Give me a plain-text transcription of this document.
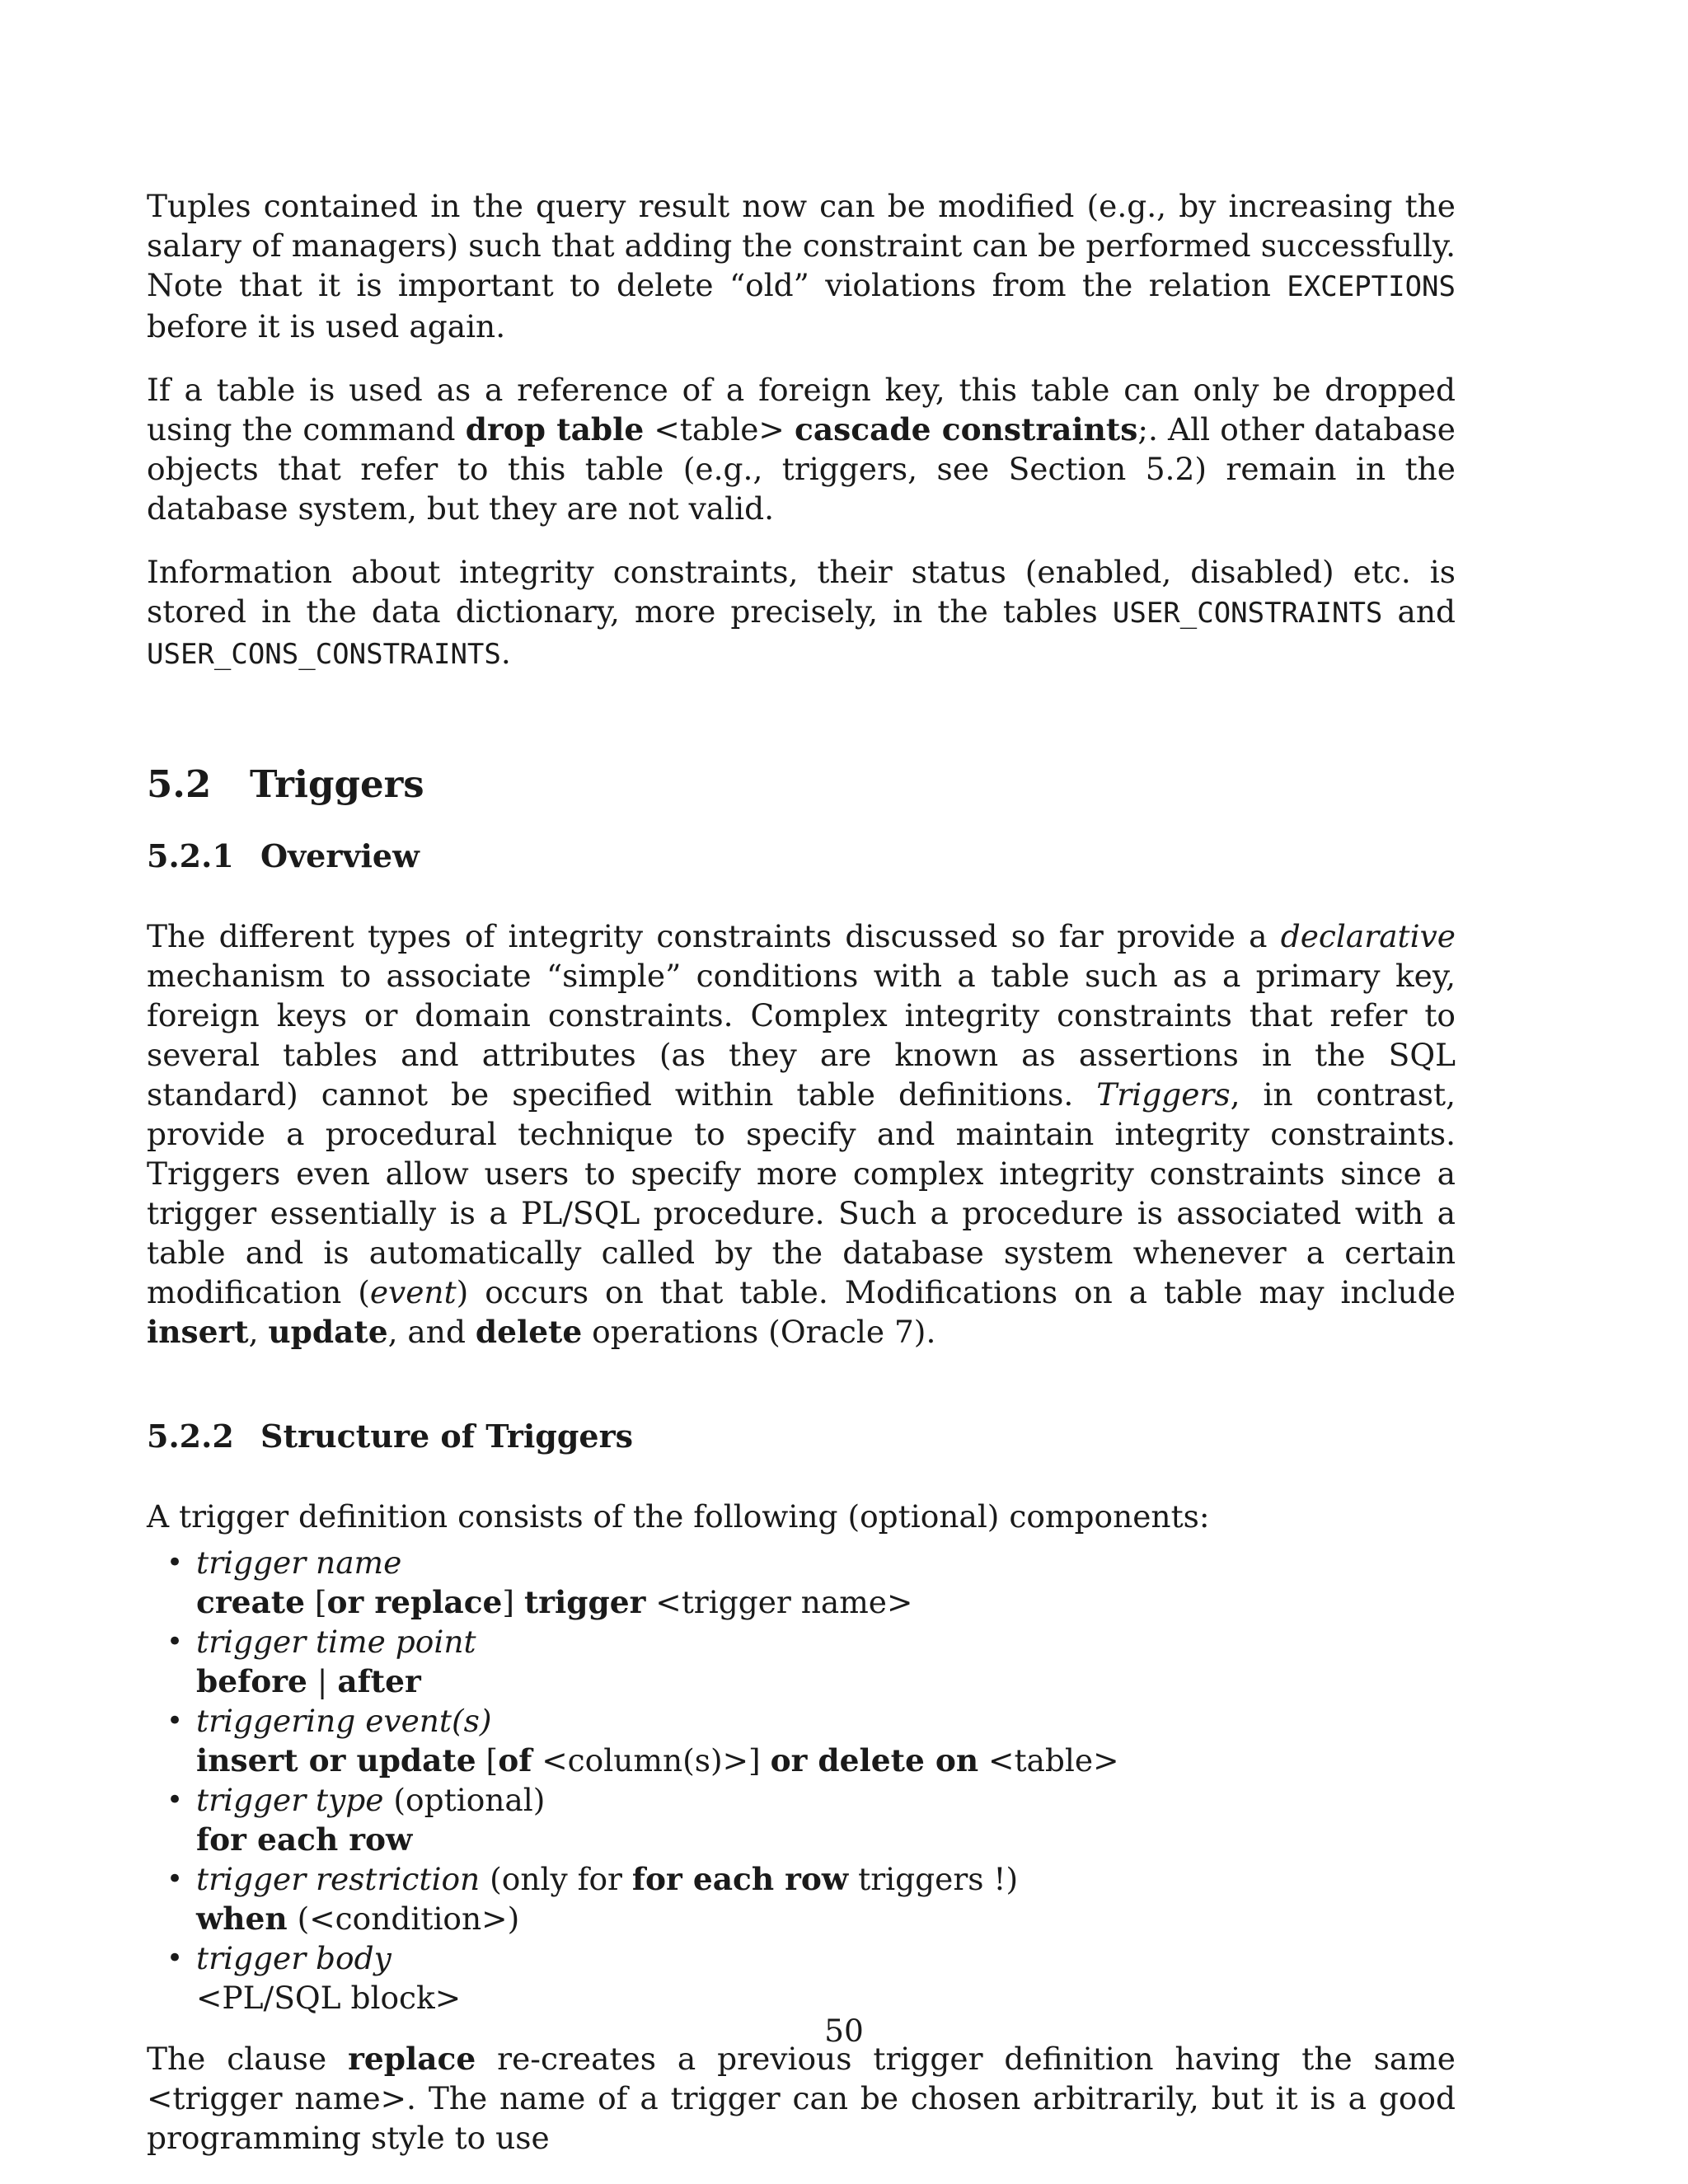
Tuples contained in the query result now can be modified (e.g., by increasing the salary of managers) such that adding the constraint can be performed successfully. Note that it is important to delete “old” violations from the relation EXCEPTIONS before it is used again.

If a table is used as a reference of a foreign key, this table can only be dropped using the command drop table <table> cascade constraints;. All other database objects that refer to this table (e.g., triggers, see Section 5.2) remain in the database system, but they are not valid.

Information about integrity constraints, their status (enabled, disabled) etc. is stored in the data dictionary, more precisely, in the tables USER_CONSTRAINTS and USER_CONS_CONSTRAINTS.

5.2 Triggers
5.2.1 Overview

The different types of integrity constraints discussed so far provide a declarative mechanism to associate “simple” conditions with a table such as a primary key, foreign keys or domain constraints. Complex integrity constraints that refer to several tables and attributes (as they are known as assertions in the SQL standard) cannot be specified within table definitions. Triggers, in contrast, provide a procedural technique to specify and maintain integrity constraints. Triggers even allow users to specify more complex integrity constraints since a trigger essentially is a PL/SQL procedure. Such a procedure is associated with a table and is automatically called by the database system whenever a certain modification (event) occurs on that table. Modifications on a table may include insert, update, and delete operations (Oracle 7).

5.2.2 Structure of Triggers

A trigger definition consists of the following (optional) components:

• trigger name
create [or replace] trigger <trigger name>
• trigger time point
before | after
• triggering event(s)
insert or update [of <column(s)>] or delete on <table>
• trigger type (optional)
for each row
• trigger restriction (only for for each row triggers !)
when (<condition>)
• trigger body
<PL/SQL block>

The clause replace re-creates a previous trigger definition having the same <trigger name>. The name of a trigger can be chosen arbitrarily, but it is a good programming style to use

50
